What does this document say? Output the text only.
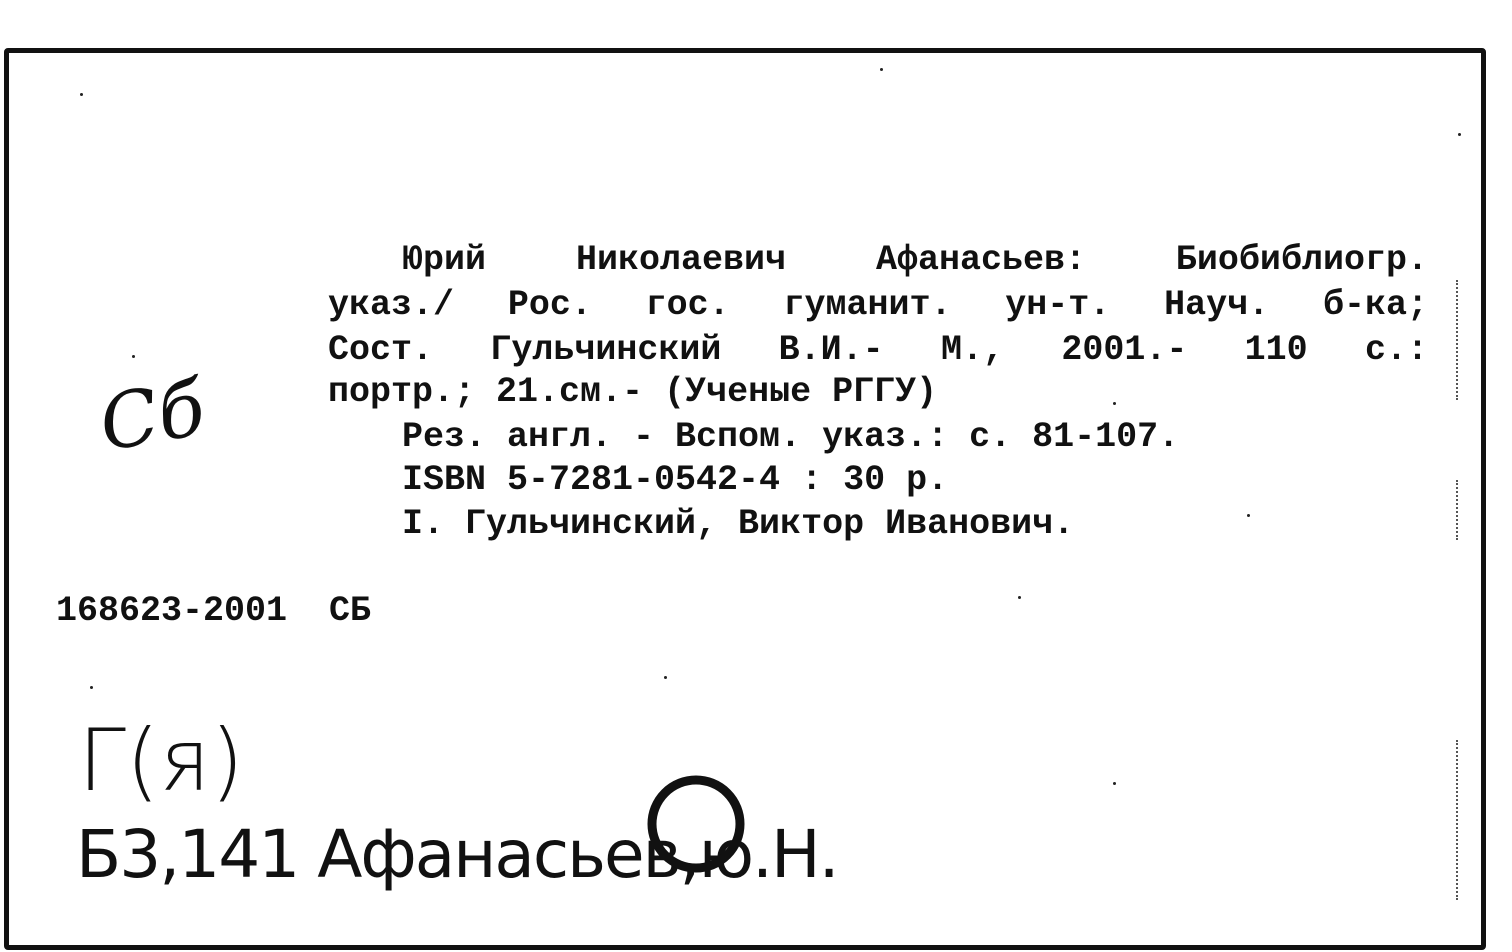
Юрий	Николаевич	Афанасьев:	Биобиблиогр.
указ./ Рос. гос. гуманит. ун-т. Науч. б-ка;
Сост. Гульчинский В.И.- М., 2001.- 110 с.:
портр.; 21.см.- (Ученые РГГУ)
Рез. англ. - Вспом. указ.: с. 81-107.
ISBN 5-7281-0542-4 : 30 р.
I. Гульчинский, Виктор Иванович.
168623-2001  СБ
Сб
Г(я)
Б3,141 Афанасьев,ю.Н.
